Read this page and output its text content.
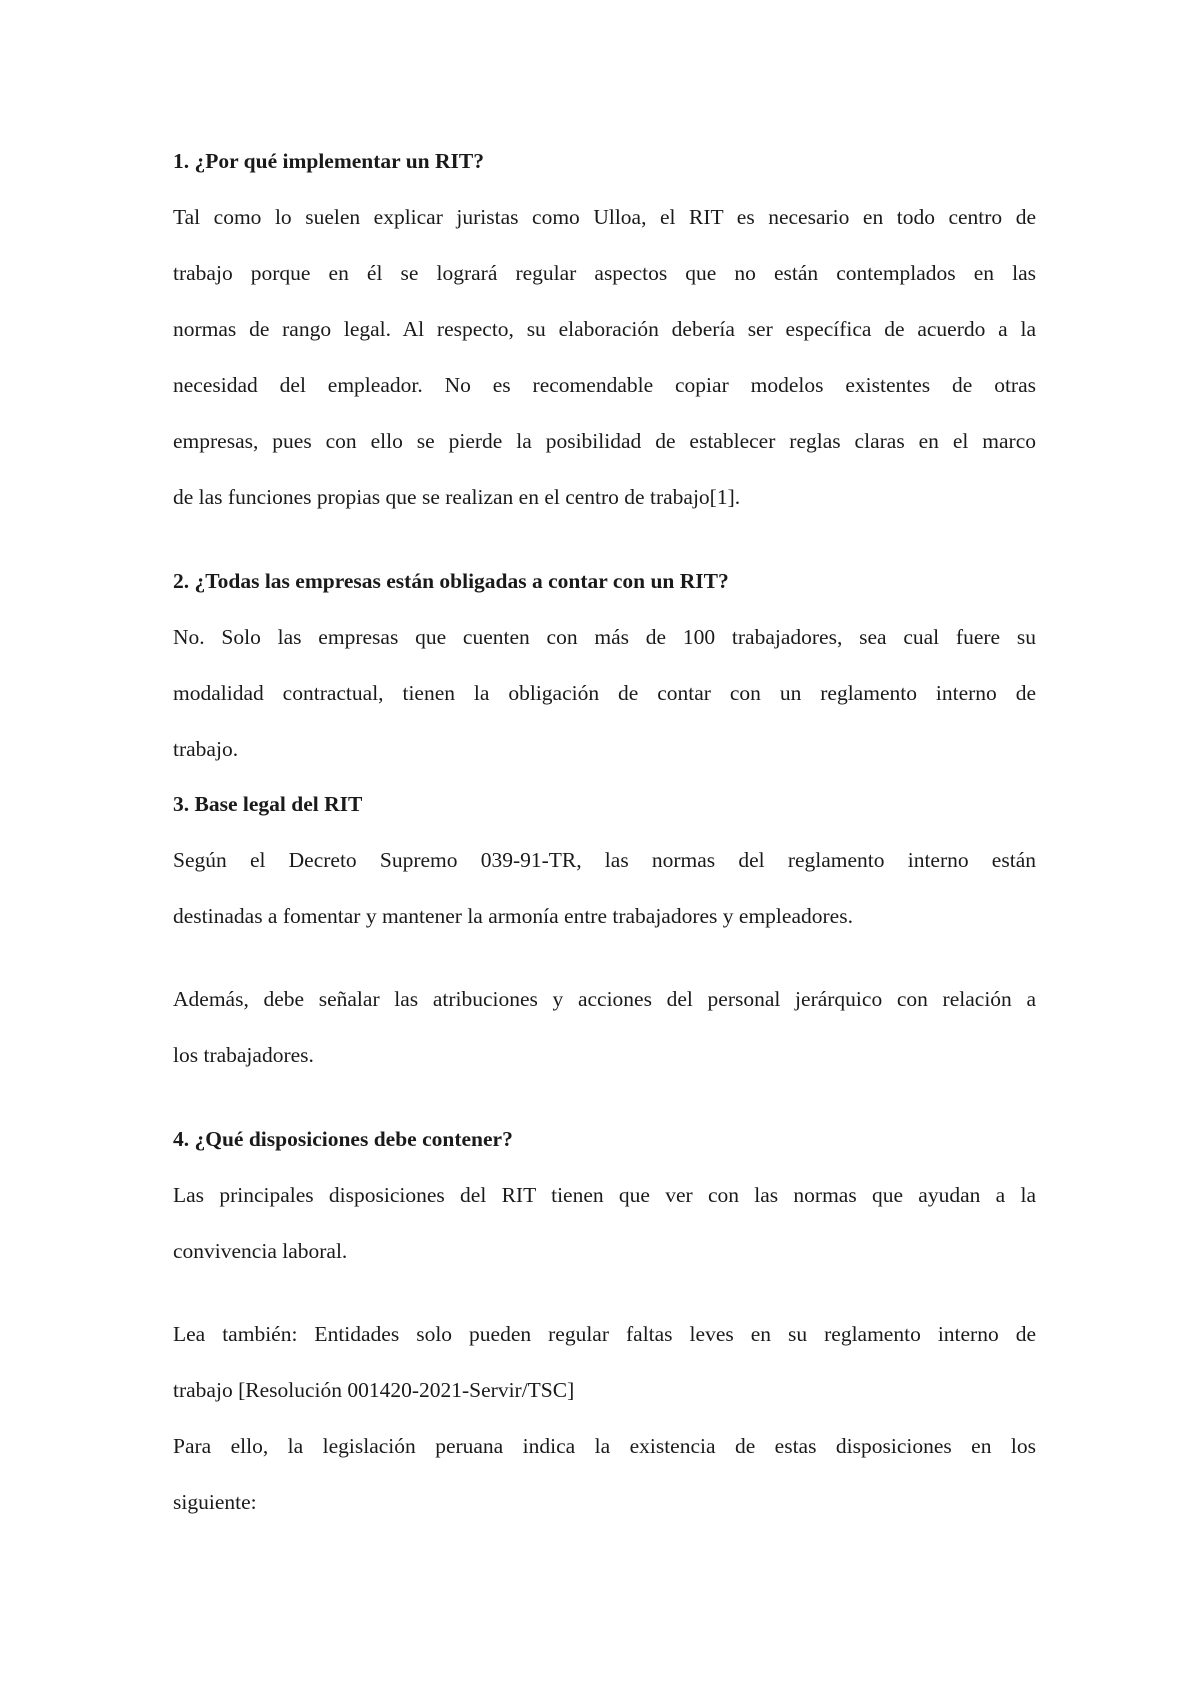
1. ¿Por qué implementar un RIT?
Tal como lo suelen explicar juristas como Ulloa, el RIT es necesario en todo centro de
trabajo porque en él se logrará regular aspectos que no están contemplados en las
normas de rango legal. Al respecto, su elaboración debería ser específica de acuerdo a la
necesidad del empleador. No es recomendable copiar modelos existentes de otras
empresas, pues con ello se pierde la posibilidad de establecer reglas claras en el marco
de las funciones propias que se realizan en el centro de trabajo[1].
2. ¿Todas las empresas están obligadas a contar con un RIT?
No. Solo las empresas que cuenten con más de 100 trabajadores, sea cual fuere su
modalidad contractual, tienen la obligación de contar con un reglamento interno de
trabajo.
3. Base legal del RIT
Según el Decreto Supremo 039-91-TR, las normas del reglamento interno están
destinadas a fomentar y mantener la armonía entre trabajadores y empleadores.
Además, debe señalar las atribuciones y acciones del personal jerárquico con relación a
los trabajadores.
4. ¿Qué disposiciones debe contener?
Las principales disposiciones del RIT tienen que ver con las normas que ayudan a la
convivencia laboral.
Lea también: Entidades solo pueden regular faltas leves en su reglamento interno de
trabajo [Resolución 001420-2021-Servir/TSC]
Para ello, la legislación peruana indica la existencia de estas disposiciones en los
siguiente:
